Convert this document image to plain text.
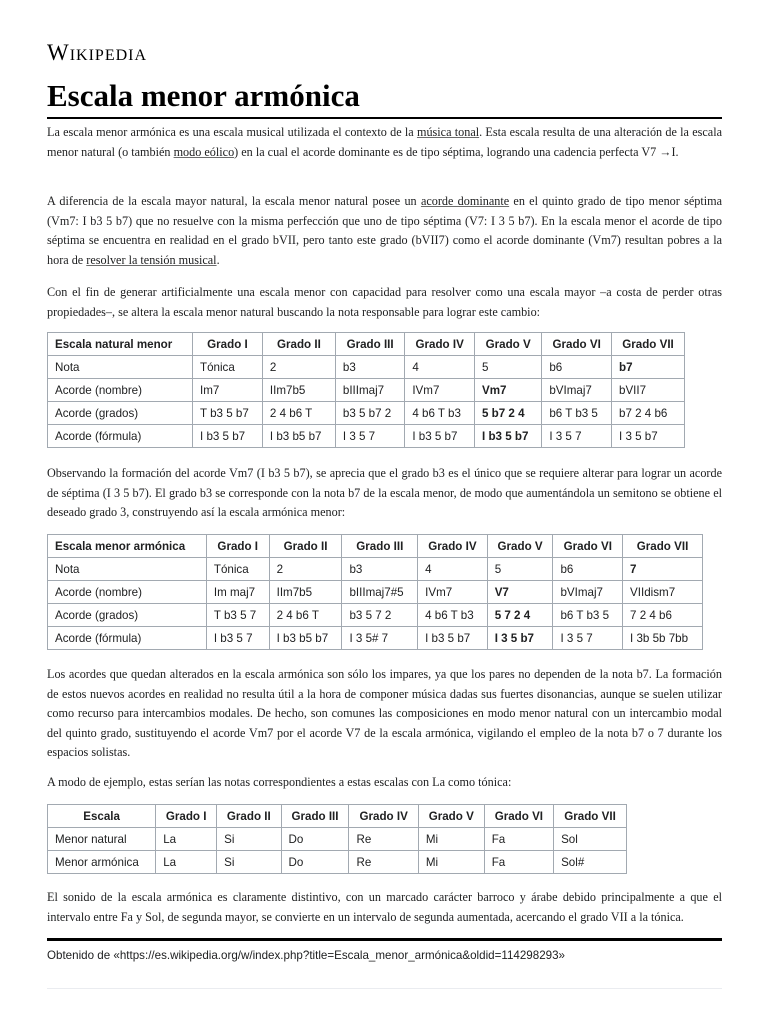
Wikipedia
Escala menor armónica

La escala menor armónica es una escala musical utilizada el contexto de la música tonal. Esta escala resulta de una alteración de la escala menor natural (o también modo eólico) en la cual el acorde dominante es de tipo séptima, logrando una cadencia perfecta V7 →I.

A diferencia de la escala mayor natural, la escala menor natural posee un acorde dominante en el quinto grado de tipo menor séptima (Vm7: I b3 5 b7) que no resuelve con la misma perfección que uno de tipo séptima (V7: I 3 5 b7). En la escala menor el acorde de tipo séptima se encuentra en realidad en el grado bVII, pero tanto este grado (bVII7) como el acorde dominante (Vm7) resultan pobres a la hora de resolver la tensión musical.

Con el fin de generar artificialmente una escala menor con capacidad para resolver como una escala mayor –a costa de perder otras propiedades–, se altera la escala menor natural buscando la nota responsable para lograr este cambio:

Escala natural menor	Grado I	Grado II	Grado III	Grado IV	Grado V	Grado VI	Grado VII
Nota	Tónica	2	b3	4	5	b6	b7
Acorde (nombre)	Im7	IIm7b5	bIIImaj7	IVm7	Vm7	bVImaj7	bVII7
Acorde (grados)	T b3 5 b7	2 4 b6 T	b3 5 b7 2	4 b6 T b3	5 b7 2 4	b6 T b3 5	b7 2 4 b6
Acorde (fórmula)	I b3 5 b7	I b3 b5 b7	I 3 5 7	I b3 5 b7	I b3 5 b7	I 3 5 7	I 3 5 b7

Observando la formación del acorde Vm7 (I b3 5 b7), se aprecia que el grado b3 es el único que se requiere alterar para lograr un acorde de séptima (I 3 5 b7). El grado b3 se corresponde con la nota b7 de la escala menor, de modo que aumentándola un semitono se obtiene el deseado grado 3, construyendo así la escala armónica menor:

Escala menor armónica	Grado I	Grado II	Grado III	Grado IV	Grado V	Grado VI	Grado VII
Nota	Tónica	2	b3	4	5	b6	7
Acorde (nombre)	Im maj7	IIm7b5	bIIImaj7#5	IVm7	V7	bVImaj7	VIIdism7
Acorde (grados)	T b3 5 7	2 4 b6 T	b3 5 7 2	4 b6 T b3	5 7 2 4	b6 T b3 5	7 2 4 b6
Acorde (fórmula)	I b3 5 7	I b3 b5 b7	I 3 5# 7	I b3 5 b7	I 3 5 b7	I 3 5 7	I 3b 5b 7bb

Los acordes que quedan alterados en la escala armónica son sólo los impares, ya que los pares no dependen de la nota b7. La formación de estos nuevos acordes en realidad no resulta útil a la hora de componer música dadas sus fuertes disonancias, aunque se suelen utilizar como recurso para intercambios modales. De hecho, son comunes las composiciones en modo menor natural con un intercambio modal del quinto grado, sustituyendo el acorde Vm7 por el acorde V7 de la escala armónica, vigilando el empleo de la nota b7 o 7 durante los espacios solistas.

A modo de ejemplo, estas serían las notas correspondientes a estas escalas con La como tónica:

Escala	Grado I	Grado II	Grado III	Grado IV	Grado V	Grado VI	Grado VII
Menor natural	La	Si	Do	Re	Mi	Fa	Sol
Menor armónica	La	Si	Do	Re	Mi	Fa	Sol#

El sonido de la escala armónica es claramente distintivo, con un marcado carácter barroco y árabe debido principalmente a que el intervalo entre Fa y Sol, de segunda mayor, se convierte en un intervalo de segunda aumentada, acercando el grado VII a la tónica.

Obtenido de «https://es.wikipedia.org/w/index.php?title=Escala_menor_armónica&oldid=114298293»
